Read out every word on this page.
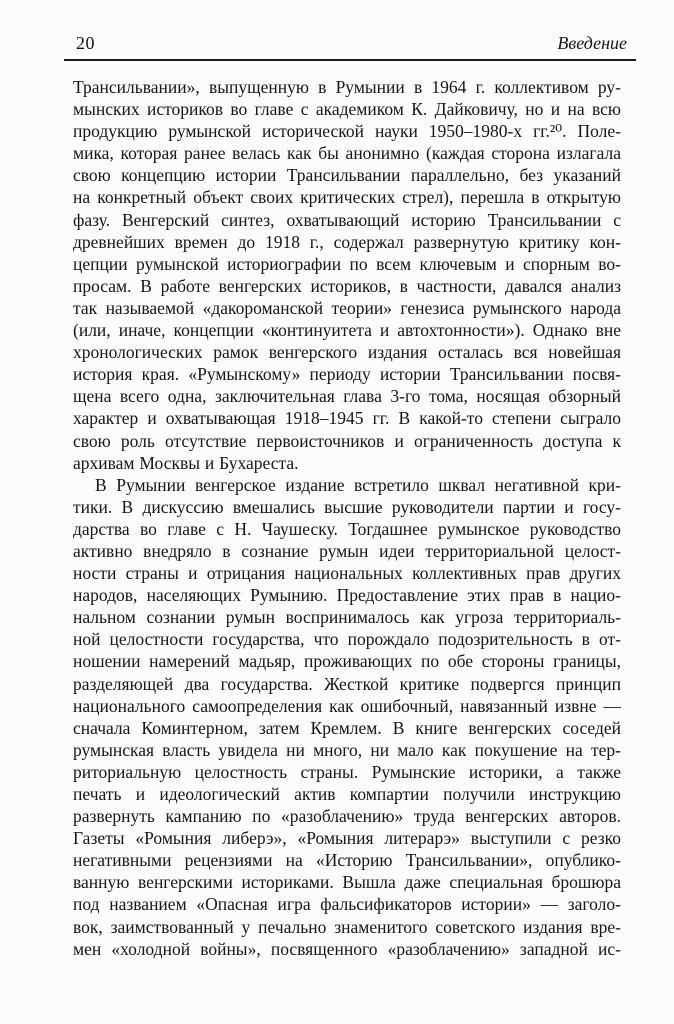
20	Введение
Трансильвании», выпущенную в Румынии в 1964 г. коллективом ру-
мынских историков во главе с академиком К. Дайковичу, но и на всю
продукцию румынской исторической науки 1950–1980-х гг.²⁰. Поле-
мика, которая ранее велась как бы анонимно (каждая сторона излагала
свою концепцию истории Трансильвании параллельно, без указаний
на конкретный объект своих критических стрел), перешла в открытую
фазу. Венгерский синтез, охватывающий историю Трансильвании с
древнейших времен до 1918 г., содержал развернутую критику кон-
цепции румынской историографии по всем ключевым и спорным во-
просам. В работе венгерских историков, в частности, давался анализ
так называемой «дакороманской теории» генезиса румынского народа
(или, иначе, концепции «континуитета и автохтонности»). Однако вне
хронологических рамок венгерского издания осталась вся новейшая
история края. «Румынскому» периоду истории Трансильвании посвя-
щена всего одна, заключительная глава 3-го тома, носящая обзорный
характер и охватывающая 1918–1945 гг. В какой-то степени сыграло
свою роль отсутствие первоисточников и ограниченность доступа к
архивам Москвы и Бухареста.
В Румынии венгерское издание встретило шквал негативной кри-
тики. В дискуссию вмешались высшие руководители партии и госу-
дарства во главе с Н. Чаушеску. Тогдашнее румынское руководство
активно внедряло в сознание румын идеи территориальной целост-
ности страны и отрицания национальных коллективных прав других
народов, населяющих Румынию. Предоставление этих прав в нацио-
нальном сознании румын воспринималось как угроза территориаль-
ной целостности государства, что порождало подозрительность в от-
ношении намерений мадьяр, проживающих по обе стороны границы,
разделяющей два государства. Жесткой критике подвергся принцип
национального самоопределения как ошибочный, навязанный извне —
сначала Коминтерном, затем Кремлем. В книге венгерских соседей
румынская власть увидела ни много, ни мало как покушение на тер-
риториальную целостность страны. Румынские историки, а также
печать и идеологический актив компартии получили инструкцию
развернуть кампанию по «разоблачению» труда венгерских авторов.
Газеты «Ромыния либерэ», «Ромыния литерарэ» выступили с резко
негативными рецензиями на «Историю Трансильвании», опублико-
ванную венгерскими историками. Вышла даже специальная брошюра
под названием «Опасная игра фальсификаторов истории» — заголо-
вок, заимствованный у печально знаменитого советского издания вре-
мен «холодной войны», посвященного «разоблачению» западной ис-
